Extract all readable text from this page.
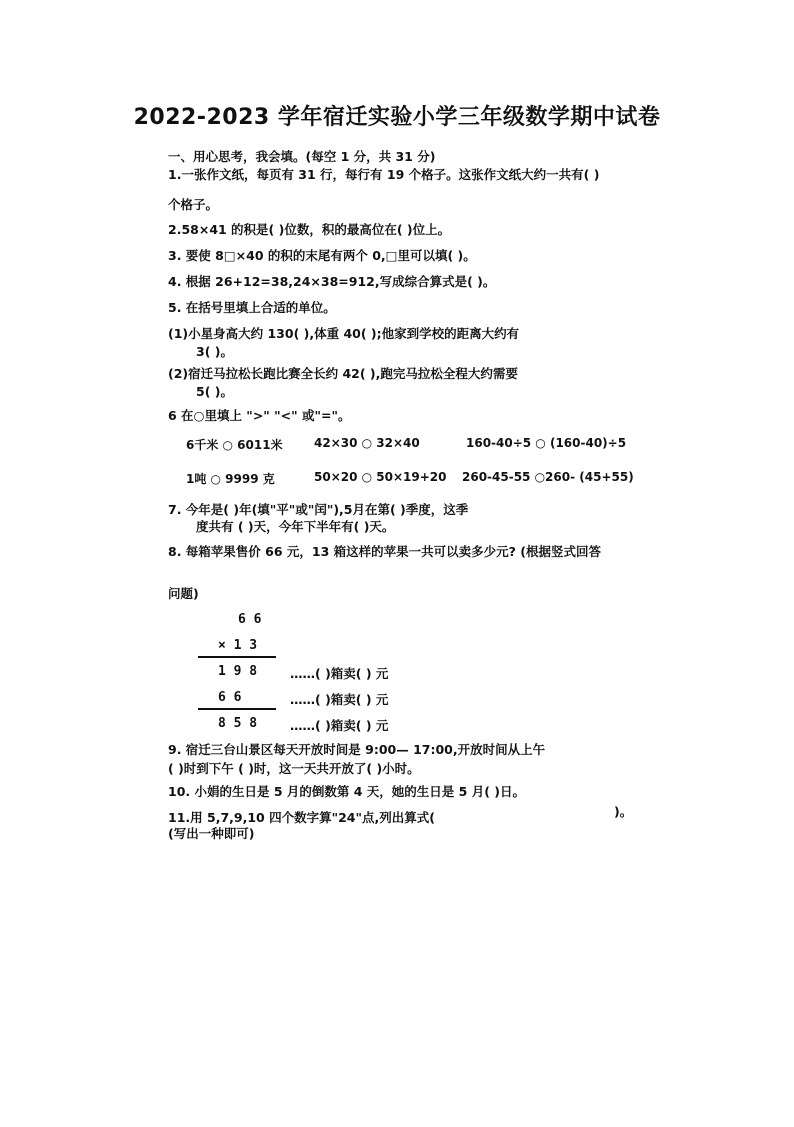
2022-2023 学年宿迁实验小学三年级数学期中试卷
一、用心思考，我会填。(每空 1 分，共 31 分)
1.一张作文纸，每页有 31 行，每行有 19 个格子。这张作文纸大约一共有( )
个格子。
2.58×41 的积是( )位数，积的最高位在( )位上。
3. 要使 8□×40 的积的末尾有两个 0,□里可以填( )。
4. 根据 26+12=38,24×38=912,写成综合算式是( )。
5. 在括号里填上合适的单位。
(1)小星身高大约 130( ),体重 40( );他家到学校的距离大约有
3( )。
(2)宿迁马拉松长跑比赛全长约 42( ),跑完马拉松全程大约需要
5( )。
6 在○里填上 ">" "<" 或"="。
6千米 ○ 6011米	42×30 ○ 32×40	160-40÷5 ○ (160-40)÷5
1吨 ○ 9999 克	50×20 ○ 50×19+20 260-45-55 ○260- (45+55)
7. 今年是( )年(填"平"或"闰"),5月在第( )季度，这季
度共有 ( )天，今年下半年有( )天。
8. 每箱苹果售价 66 元，13 箱这样的苹果一共可以卖多少元? (根据竖式回答
问题)
6 6
× 1 3
1 9 8	……( )箱卖( ) 元
6 6	……( )箱卖( ) 元
8 5 8	……( )箱卖( ) 元
9. 宿迁三台山景区每天开放时间是 9:00— 17:00,开放时间从上午
( )时到下午 ( )时，这一天共开放了( )小时。
10. 小娟的生日是 5 月的倒数第 4 天，她的生日是 5 月( )日。
11.用 5,7,9,10 四个数字算"24"点,列出算式(	)。
(写出一种即可)
